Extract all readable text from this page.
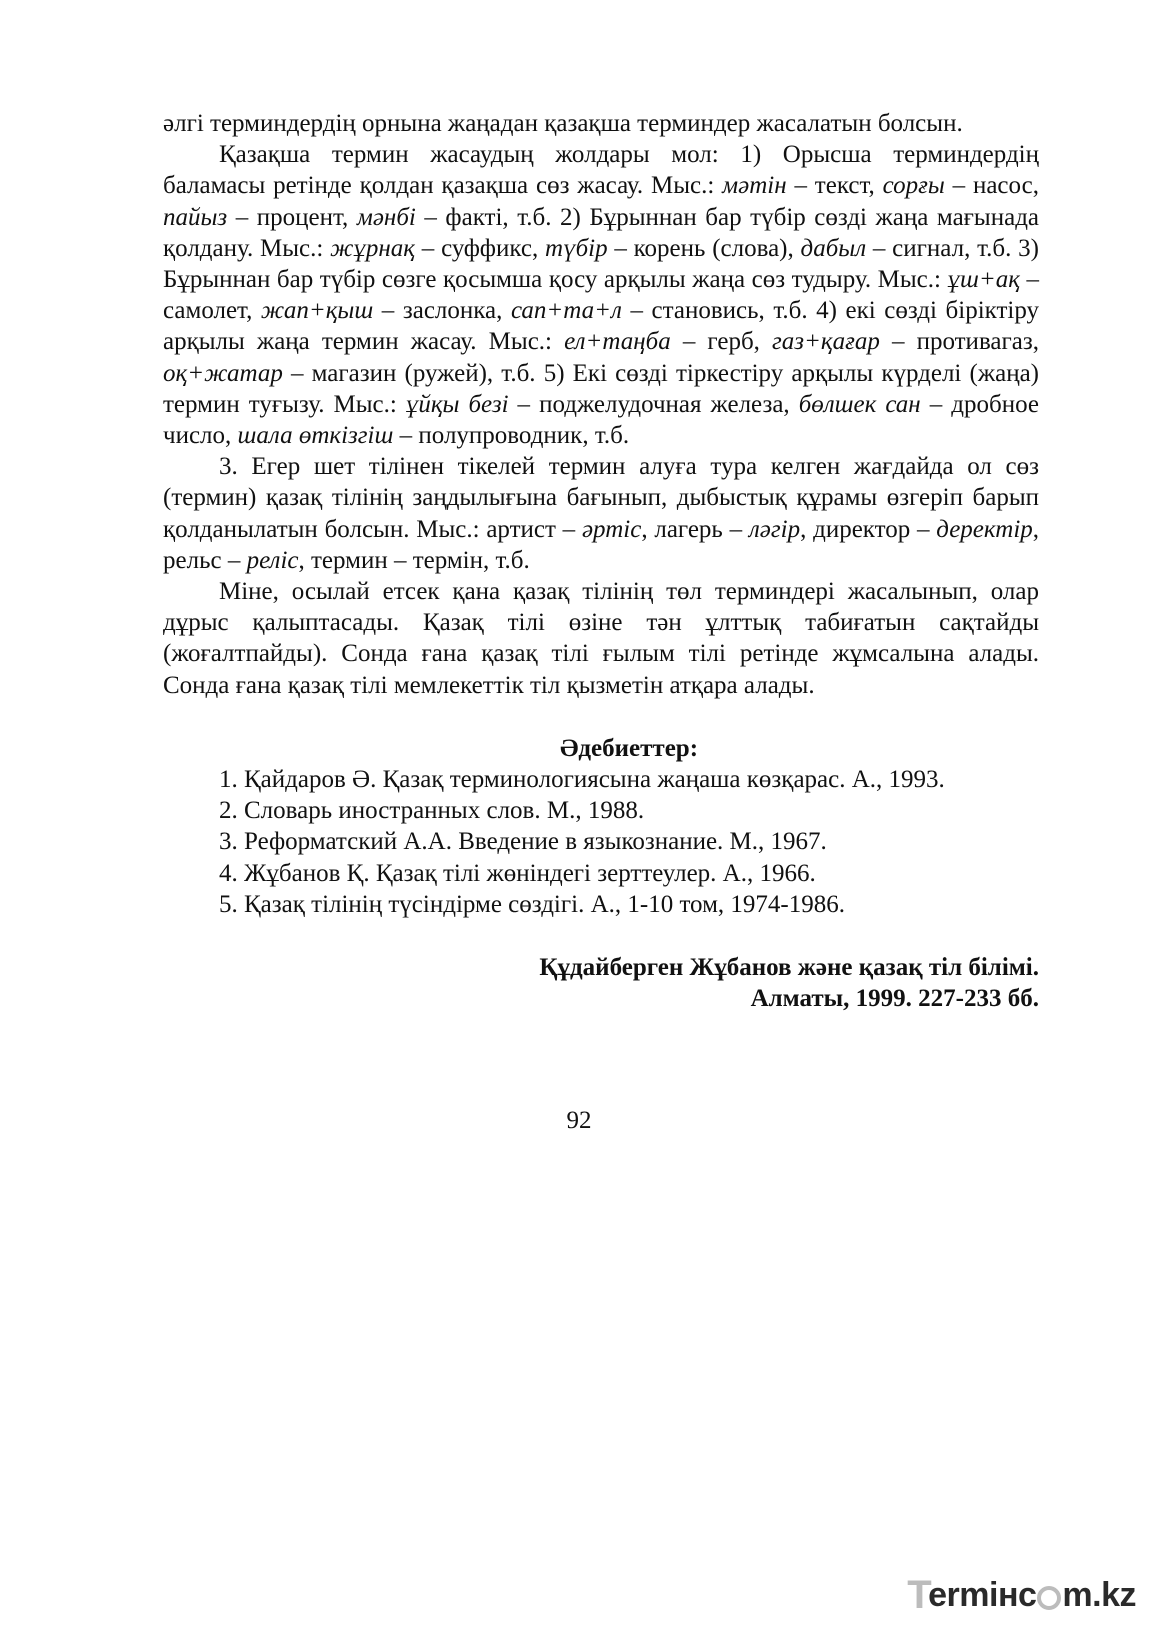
әлгі терминдердің орнына жаңадан қазақша терминдер жасалатын болсын.

Қазақша термин жасаудың жолдары мол: 1) Орысша терминдердің баламасы ретінде қолдан қазақша сөз жасау. Мыс.: мәтін – текст, сорғы – насос, пайыз – процент, мәнбі – факті, т.б. 2) Бұрыннан бар түбір сөзді жаңа мағынада қолдану. Мыс.: жұрнақ – суффикс, түбір – корень (слова), дабыл – сигнал, т.б. 3) Бұрыннан бар түбір сөзге қосымша қосу арқылы жаңа сөз тудыру. Мыс.: ұш+ақ – самолет, жап+қыш – заслонка, сап+та+л – становись, т.б. 4) екі сөзді біріктіру арқылы жаңа термин жасау. Мыс.: ел+таңба – герб, газ+қағар – противагаз, оқ+жатар – магазин (ружей), т.б. 5) Екі сөзді тіркестіру арқылы күрделі (жаңа) термин туғызу. Мыс.: ұйқы безі – поджелудочная железа, бөлшек сан – дробное число, шала өткізгіш – полупроводник, т.б.

3. Егер шет тілінен тікелей термин алуға тура келген жағдайда ол сөз (термин) қазақ тілінің заңдылығына бағынып, дыбыстық құрамы өзгеріп барып қолданылатын болсын. Мыс.: артист – әртіс, лагерь – ләгір, директор – деректір, рельс – реліс, термин – термін, т.б.

Міне, осылай етсек қана қазақ тілінің төл терминдері жасалынып, олар дұрыс қалыптасады. Қазақ тілі өзіне тән ұлттық табиғатын сақтайды (жоғалтпайды). Сонда ғана қазақ тілі ғылым тілі ретінде жұмсалына алады. Сонда ғана қазақ тілі мемлекеттік тіл қызметін атқара алады.

Әдебиеттер:
1. Қайдаров Ә. Қазақ терминологиясына жаңаша көзқарас. А., 1993.
2. Словарь иностранных слов. М., 1988.
3. Реформатский А.А. Введение в языкознание. М., 1967.
4. Жұбанов Қ. Қазақ тілі жөніндегі зерттеулер. А., 1966.
5. Қазақ тілінің түсіндірме сөздігі. А., 1-10 том, 1974-1986.
Құдайберген Жұбанов және қазақ тіл білімі.
Алматы, 1999. 227-233 бб.
92
T
ermінc m.kz
